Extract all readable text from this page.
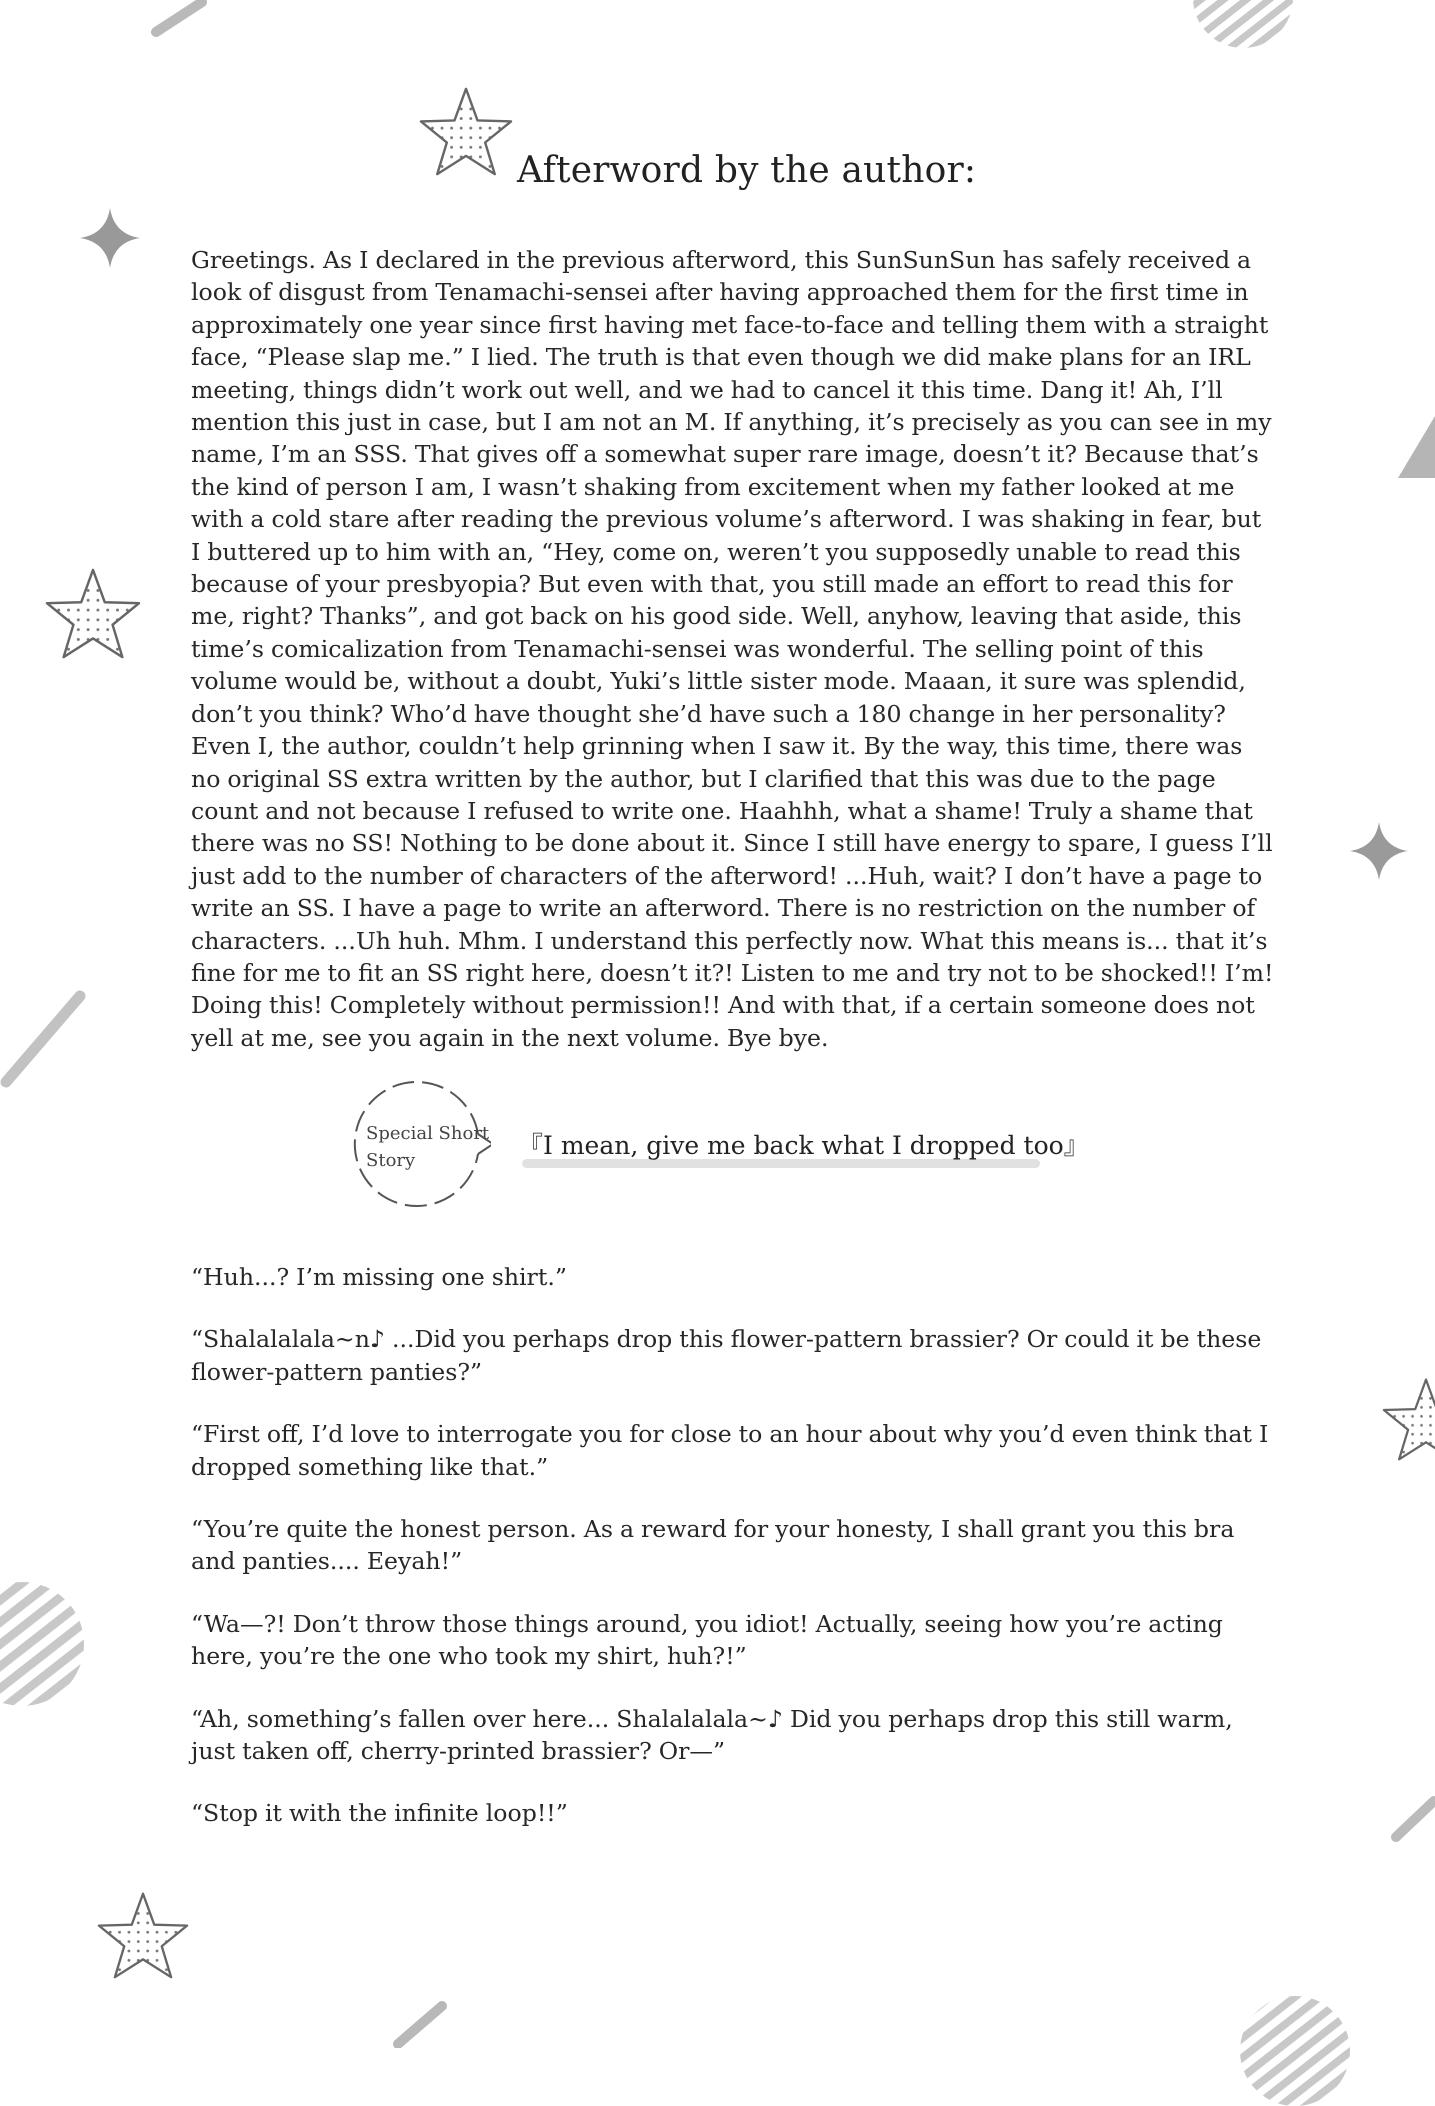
Afterword by the author:

Greetings. As I declared in the previous afterword, this SunSunSun has safely received a look of disgust from Tenamachi-sensei after having approached them for the first time in approximately one year since first having met face-to-face and telling them with a straight face, “Please slap me.” I lied. The truth is that even though we did make plans for an IRL meeting, things didn’t work out well, and we had to cancel it this time. Dang it! Ah, I’ll mention this just in case, but I am not an M. If anything, it’s precisely as you can see in my name, I’m an SSS. That gives off a somewhat super rare image, doesn’t it? Because that’s the kind of person I am, I wasn’t shaking from excitement when my father looked at me with a cold stare after reading the previous volume’s afterword. I was shaking in fear, but I buttered up to him with an, “Hey, come on, weren’t you supposedly unable to read this because of your presbyopia? But even with that, you still made an effort to read this for me, right? Thanks”, and got back on his good side. Well, anyhow, leaving that aside, this time’s comicalization from Tenamachi-sensei was wonderful. The selling point of this volume would be, without a doubt, Yuki’s little sister mode. Maaan, it sure was splendid, don’t you think? Who’d have thought she’d have such a 180 change in her personality? Even I, the author, couldn’t help grinning when I saw it. By the way, this time, there was no original SS extra written by the author, but I clarified that this was due to the page count and not because I refused to write one. Haahhh, what a shame! Truly a shame that there was no SS! Nothing to be done about it. Since I still have energy to spare, I guess I’ll just add to the number of characters of the afterword! ...Huh, wait? I don’t have a page to write an SS. I have a page to write an afterword. There is no restriction on the number of characters. ...Uh huh. Mhm. I understand this perfectly now. What this means is... that it’s fine for me to fit an SS right here, doesn’t it?! Listen to me and try not to be shocked!! I’m! Doing this! Completely without permission!! And with that, if a certain someone does not yell at me, see you again in the next volume. Bye bye.

Special Short
Story
『I mean, give me back what I dropped too』

“Huh...? I’m missing one shirt.”

“Shalalalala~n♪ ...Did you perhaps drop this flower-pattern brassier? Or could it be these flower-pattern panties?”

“First off, I’d love to interrogate you for close to an hour about why you’d even think that I dropped something like that.”

“You’re quite the honest person. As a reward for your honesty, I shall grant you this bra and panties.... Eeyah!”

“Wa—?! Don’t throw those things around, you idiot! Actually, seeing how you’re acting here, you’re the one who took my shirt, huh?!”

“Ah, something’s fallen over here... Shalalalala~♪ Did you perhaps drop this still warm, just taken off, cherry-printed brassier? Or—”

“Stop it with the infinite loop!!”
